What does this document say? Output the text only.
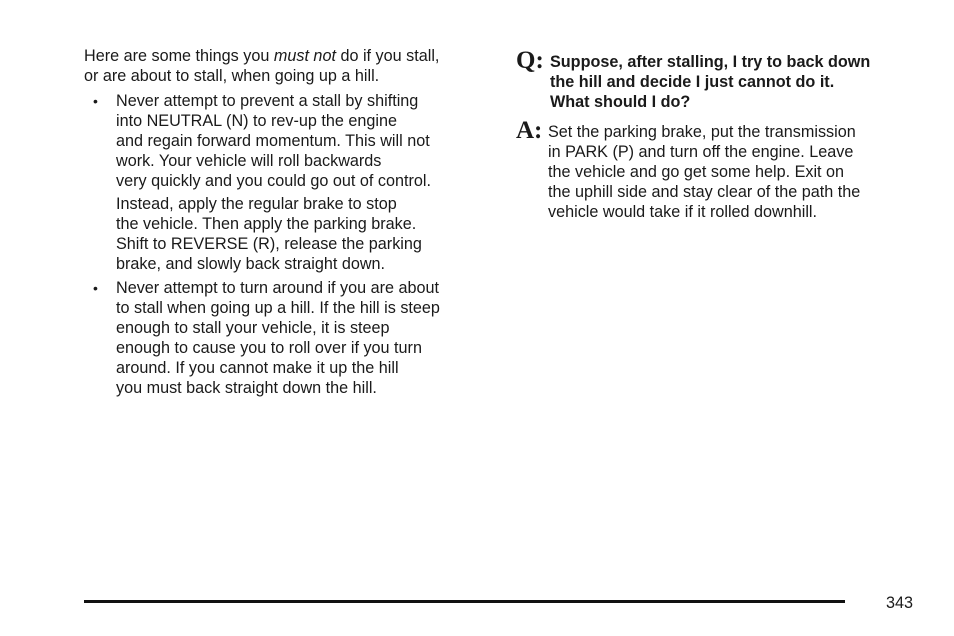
Here are some things you must not do if you stall,
or are about to stall, when going up a hill.
• Never attempt to prevent a stall by shifting
into NEUTRAL (N) to rev-up the engine
and regain forward momentum. This will not
work. Your vehicle will roll backwards
very quickly and you could go out of control.
Instead, apply the regular brake to stop
the vehicle. Then apply the parking brake.
Shift to REVERSE (R), release the parking
brake, and slowly back straight down.
• Never attempt to turn around if you are about
to stall when going up a hill. If the hill is steep
enough to stall your vehicle, it is steep
enough to cause you to roll over if you turn
around. If you cannot make it up the hill
you must back straight down the hill.
Q: Suppose, after stalling, I try to back down
the hill and decide I just cannot do it.
What should I do?
A: Set the parking brake, put the transmission
in PARK (P) and turn off the engine. Leave
the vehicle and go get some help. Exit on
the uphill side and stay clear of the path the
vehicle would take if it rolled downhill.
343
